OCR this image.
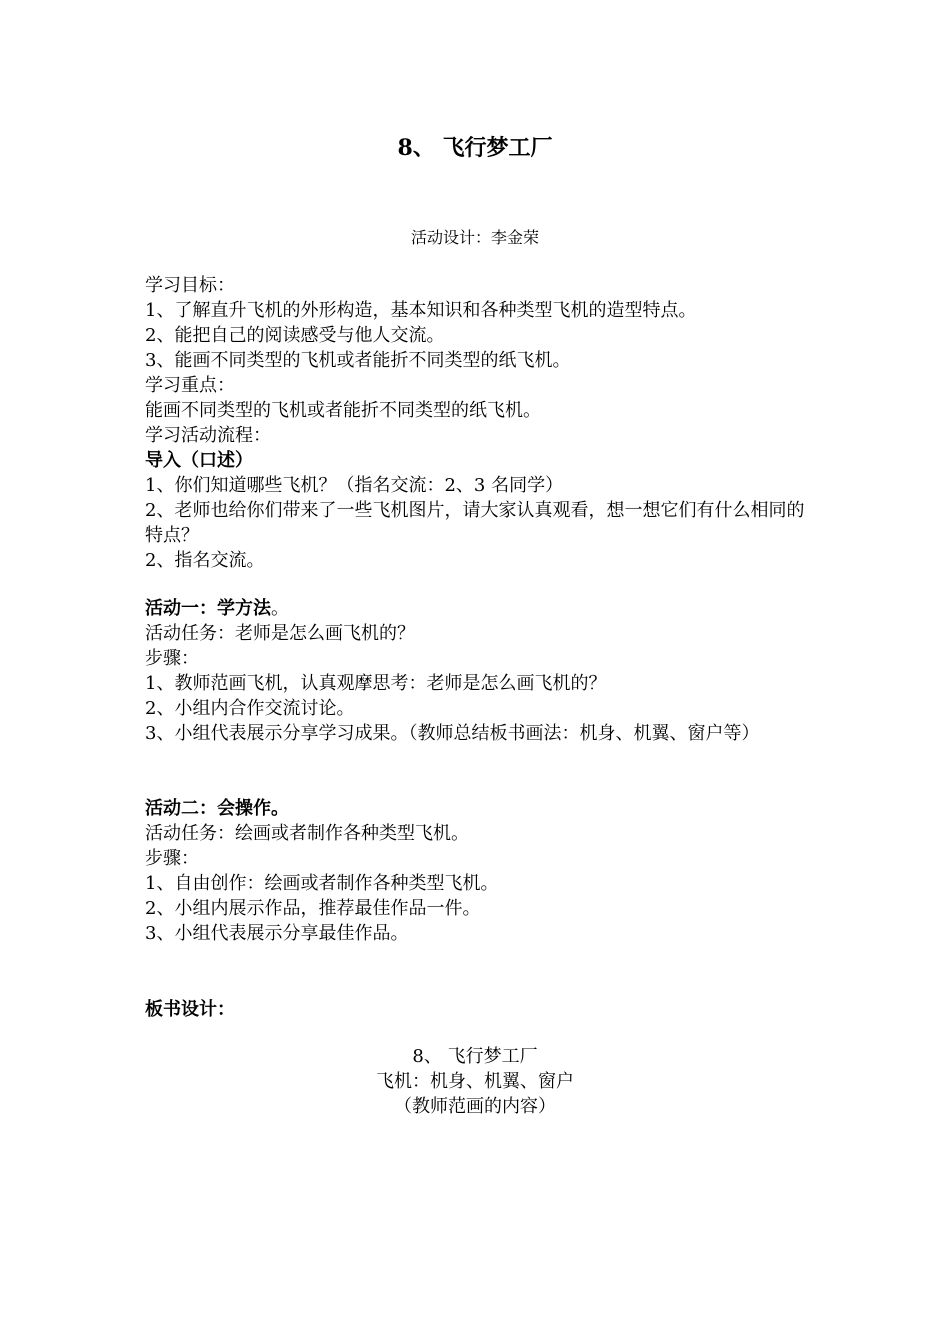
8、 飞行梦工厂
活动设计：李金荣
学习目标：
1、了解直升飞机的外形构造，基本知识和各种类型飞机的造型特点。
2、能把自己的阅读感受与他人交流。
3、能画不同类型的飞机或者能折不同类型的纸飞机。
学习重点：
能画不同类型的飞机或者能折不同类型的纸飞机。
学习活动流程：
导入（口述）
1、你们知道哪些飞机？（指名交流：2、3 名同学）
2、老师也给你们带来了一些飞机图片，请大家认真观看，想一想它们有什么相同的特点？
2、指名交流。
活动一：学方法。
活动任务：老师是怎么画飞机的？
步骤：
1、教师范画飞机，认真观摩思考：老师是怎么画飞机的？
2、小组内合作交流讨论。
3、小组代表展示分享学习成果。（教师总结板书画法：机身、机翼、窗户等）
活动二：会操作。
活动任务：绘画或者制作各种类型飞机。
步骤：
1、自由创作：绘画或者制作各种类型飞机。
2、小组内展示作品，推荐最佳作品一件。
3、小组代表展示分享最佳作品。
板书设计：
8、 飞行梦工厂
飞机：机身、机翼、窗户
（教师范画的内容）
